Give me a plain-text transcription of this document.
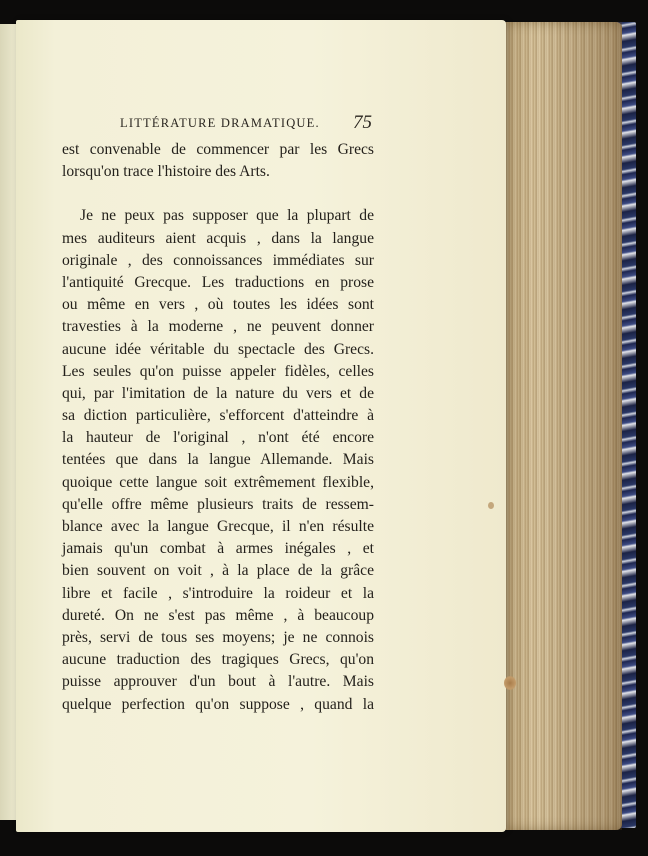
LITTÉRATURE DRAMATIQUE. 75
est convenable de commencer par les Grecs
lorsqu'on trace l'histoire des Arts.
Je ne peux pas supposer que la plupart de
mes auditeurs aient acquis , dans la langue
originale , des connoissances immédiates sur
l'antiquité Grecque. Les traductions en prose
ou même en vers , où toutes les idées sont
travesties à la moderne , ne peuvent donner
aucune idée véritable du spectacle des Grecs.
Les seules qu'on puisse appeler fidèles, celles
qui, par l'imitation de la nature du vers et de
sa diction particulière, s'efforcent d'atteindre à
la hauteur de l'original , n'ont été encore
tentées que dans la langue Allemande. Mais
quoique cette langue soit extrêmement flexible,
qu'elle offre même plusieurs traits de ressem-
blance avec la langue Grecque, il n'en résulte
jamais qu'un combat à armes inégales , et
bien souvent on voit , à la place de la grâce
libre et facile , s'introduire la roideur et la
dureté. On ne s'est pas même , à beaucoup
près, servi de tous ses moyens; je ne connois
aucune traduction des tragiques Grecs, qu'on
puisse approuver d'un bout à l'autre. Mais
quelque perfection qu'on suppose , quand la
